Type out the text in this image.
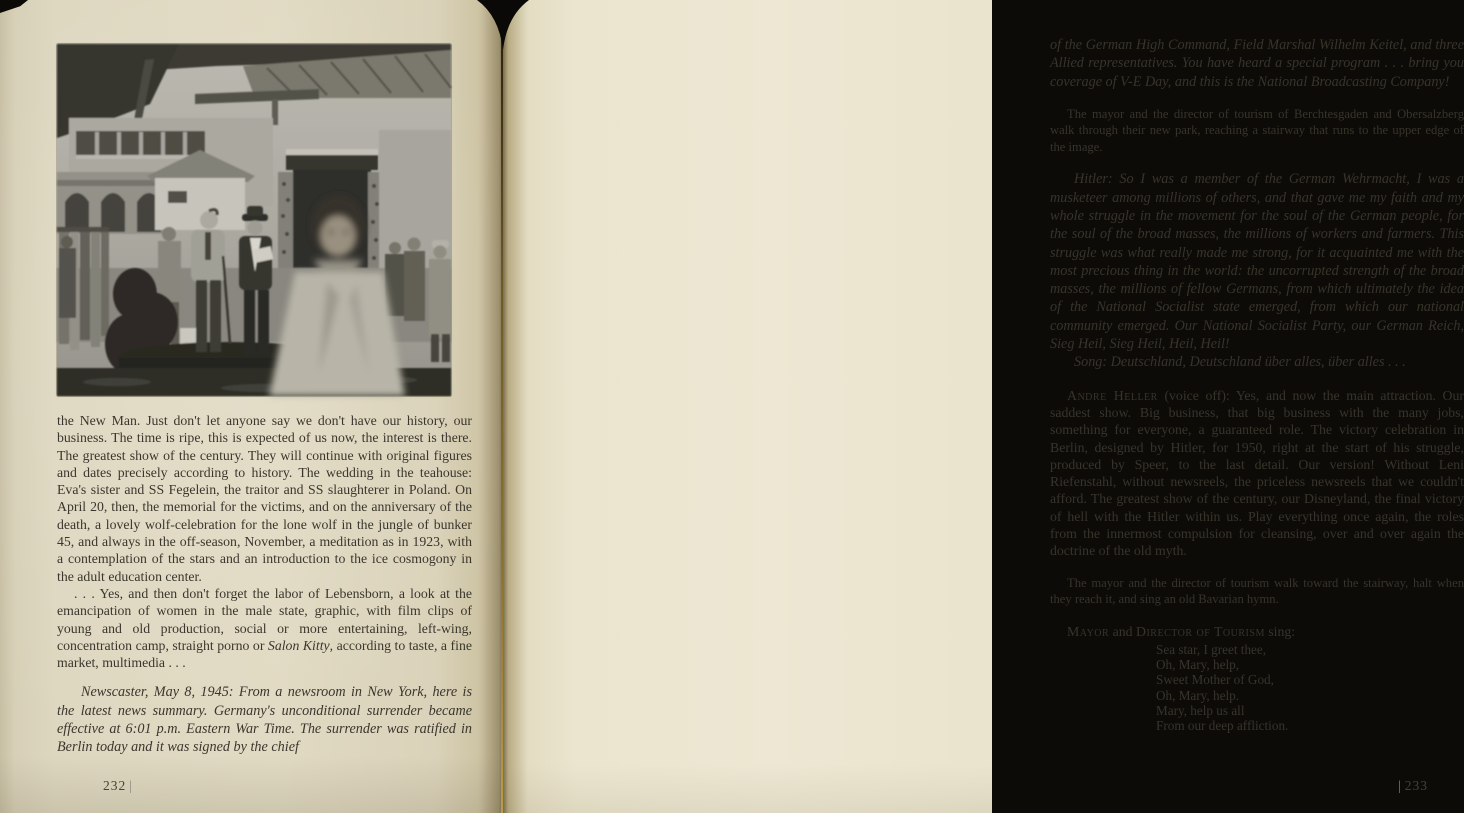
the New Man. Just don't let anyone say we don't have our history, our business. The time is ripe, this is expected of us now, the interest is there. The greatest show of the century. They will continue with original figures and dates precisely according to history. The wedding in the teahouse: Eva's sister and SS Fegelein, the traitor and SS slaughterer in Poland. On April 20, then, the memorial for the victims, and on the anniversary of the death, a lovely wolf-celebration for the lone wolf in the jungle of bunker 45, and always in the off-season, November, a meditation as in 1923, with a contemplation of the stars and an introduction to the ice cosmogony in the adult education center.

. . . Yes, and then don't forget the labor of Lebensborn, a look at the emancipation of women in the male state, graphic, with film clips of young and old production, social or more entertaining, left-wing, concentration camp, straight porno or Salon Kitty, according to taste, a fine market, multimedia . . .

Newscaster, May 8, 1945: From a newsroom in New York, here is the latest news summary. Germany's unconditional surrender became effective at 6:01 p.m. Eastern War Time. The surrender was ratified in Berlin today and it was signed by the chief

232 |

of the German High Command, Field Marshal Wilhelm Keitel, and three Allied representatives. You have heard a special program . . . bring you coverage of V-E Day, and this is the National Broadcasting Company!

The mayor and the director of tourism of Berchtesgaden and Obersalzberg walk through their new park, reaching a stairway that runs to the upper edge of the image.

Hitler: So I was a member of the German Wehrmacht, I was a musketeer among millions of others, and that gave me my faith and my whole struggle in the movement for the soul of the German people, for the soul of the broad masses, the millions of workers and farmers. This struggle was what really made me strong, for it acquainted me with the most precious thing in the world: the uncorrupted strength of the broad masses, the millions of fellow Germans, from which ultimately the idea of the National Socialist state emerged, from which our national community emerged. Our National Socialist Party, our German Reich, Sieg Heil, Sieg Heil, Heil, Heil!

Song: Deutschland, Deutschland über alles, über alles . . .

Andre Heller (voice off): Yes, and now the main attraction. Our saddest show. Big business, that big business with the many jobs, something for everyone, a guaranteed role. The victory celebration in Berlin, designed by Hitler, for 1950, right at the start of his struggle, produced by Speer, to the last detail. Our version! Without Leni Riefenstahl, without newsreels, the priceless newsreels that we couldn't afford. The greatest show of the century, our Disneyland, the final victory of hell with the Hitler within us. Play everything once again, the roles from the innermost compulsion for cleansing, over and over again the doctrine of the old myth.

The mayor and the director of tourism walk toward the stairway, halt when they reach it, and sing an old Bavarian hymn.

Mayor and Director of Tourism sing:

Sea star, I greet thee,
Oh, Mary, help,
Sweet Mother of God,
Oh, Mary, help.
Mary, help us all
From our deep affliction.
| 233
